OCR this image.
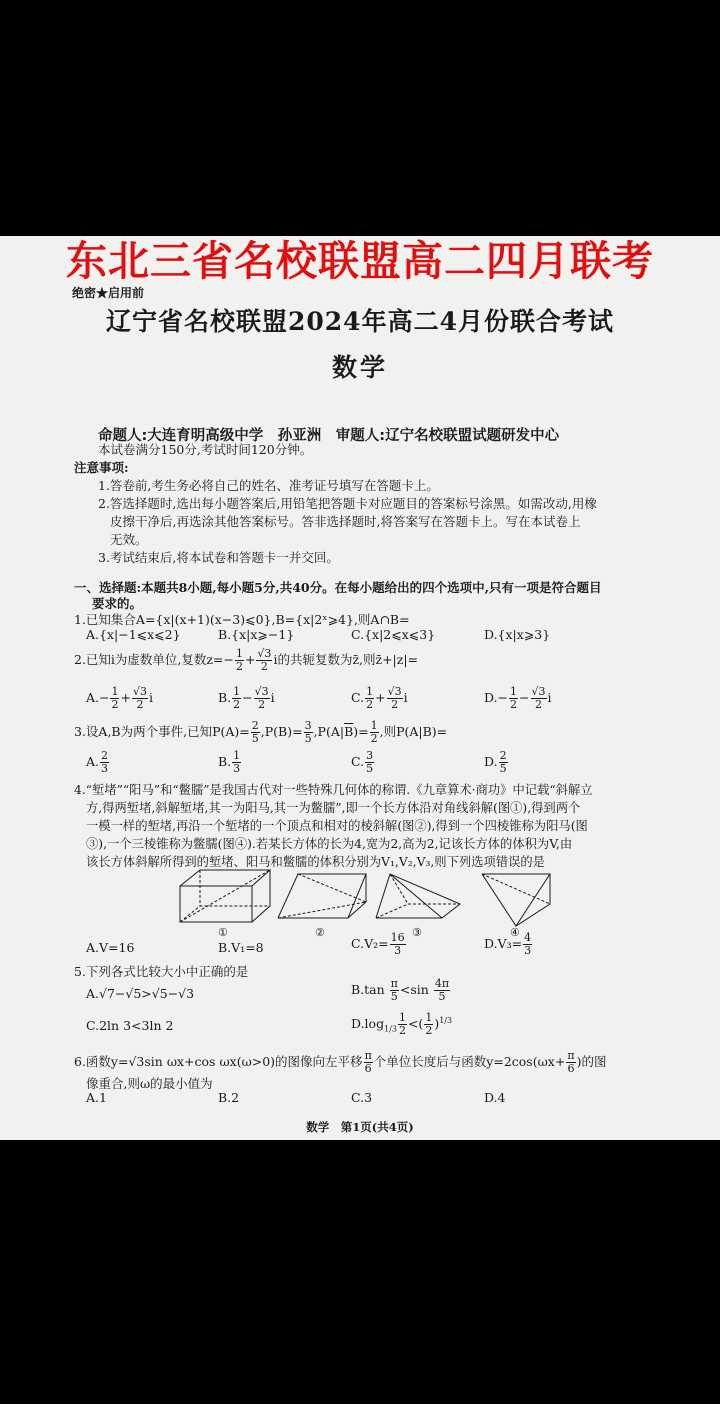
东北三省名校联盟高二四月联考
绝密★启用前
辽宁省名校联盟2024年高二4月份联合考试
数学
命题人:大连育明高级中学　孙亚洲　审题人:辽宁名校联盟试题研发中心
本试卷满分150分,考试时间120分钟。
注意事项:
1.答卷前,考生务必将自己的姓名、准考证号填写在答题卡上。
2.答选择题时,选出每小题答案后,用铅笔把答题卡对应题目的答案标号涂黑。如需改动,用橡
皮擦干净后,再选涂其他答案标号。答非选择题时,将答案写在答题卡上。写在本试卷上
无效。
3.考试结束后,将本试卷和答题卡一并交回。
一、选择题:本题共8小题,每小题5分,共40分。在每小题给出的四个选项中,只有一项是符合题目
要求的。
1.已知集合A={x|(x+1)(x−3)⩽0},B={x|2ˣ⩾4},则A∩B=
A.{x|−1⩽x⩽2}	B.{x|x⩾−1}	C.{x|2⩽x⩽3}	D.{x|x⩾3}
2.已知i为虚数单位,复数$z=- \frac{1}{2} + \frac{√3}{2}$ i的共轭复数为z̄,则z̄+|z|=
$A.- \frac{1}{2} + \frac{√3}{2}$ i	B. $\frac{1}{2} - \frac{√3}{2}$ i	C. $\frac{1}{2} + \frac{√3}{2}$ i	$D.- \frac{1}{2} - \frac{√3}{2}$ i
3.设A,B为两个事件,已知$P(A)= \frac{2}{5} ,P(B)= \frac{3}{5} ,P(A|\overline{B})= \frac{1}{2}$ ,则P(A|B)=
A. $\frac{2}{3}$	B. $\frac{1}{3}$	C. $\frac{3}{5}$	D. $\frac{2}{5}$
4.“堑堵”“阳马”和“鳖臑”是我国古代对一些特殊几何体的称谓.《九章算术·商功》中记载“斜解立
方,得两堑堵,斜解堑堵,其一为阳马,其一为鳖臑”,即一个长方体沿对角线斜解(图①),得到两个
一模一样的堑堵,再沿一个堑堵的一个顶点和相对的棱斜解(图②),得到一个四棱锥称为阳马(图
③),一个三棱锥称为鳖臑(图④).若某长方体的长为4,宽为2,高为2,记该长方体的体积为V,由
该长方体斜解所得到的堑堵、阳马和鳖臑的体积分别为V₁,V₂,V₃,则下列选项错误的是
①	②	③	④
A.V=16	B.V₁=8	$C.V_2= \frac{16}{3}$	$D.V_3= \frac{4}{3}$
5.下列各式比较大小中正确的是
A.√7−√5>√5−√3	$B.\tan \frac{\pi}{5} <\sin \frac{4\pi}{5}$
C.2ln 3<3ln 2	$D.\log_{1/3} \frac{1}{2}$ <( $\frac{1}{2} )^{1/3}$
6.函数y=√3sin ωx+cos ωx(ω>0)的图像向左平移 $\frac{\pi}{6}$ 个单位长度后与函数$y=2\cos(\omega x+ \frac{\pi}{6}$ )的图
像重合,则ω的最小值为
A.1	B.2	C.3	D.4
数学　第1页(共4页)
